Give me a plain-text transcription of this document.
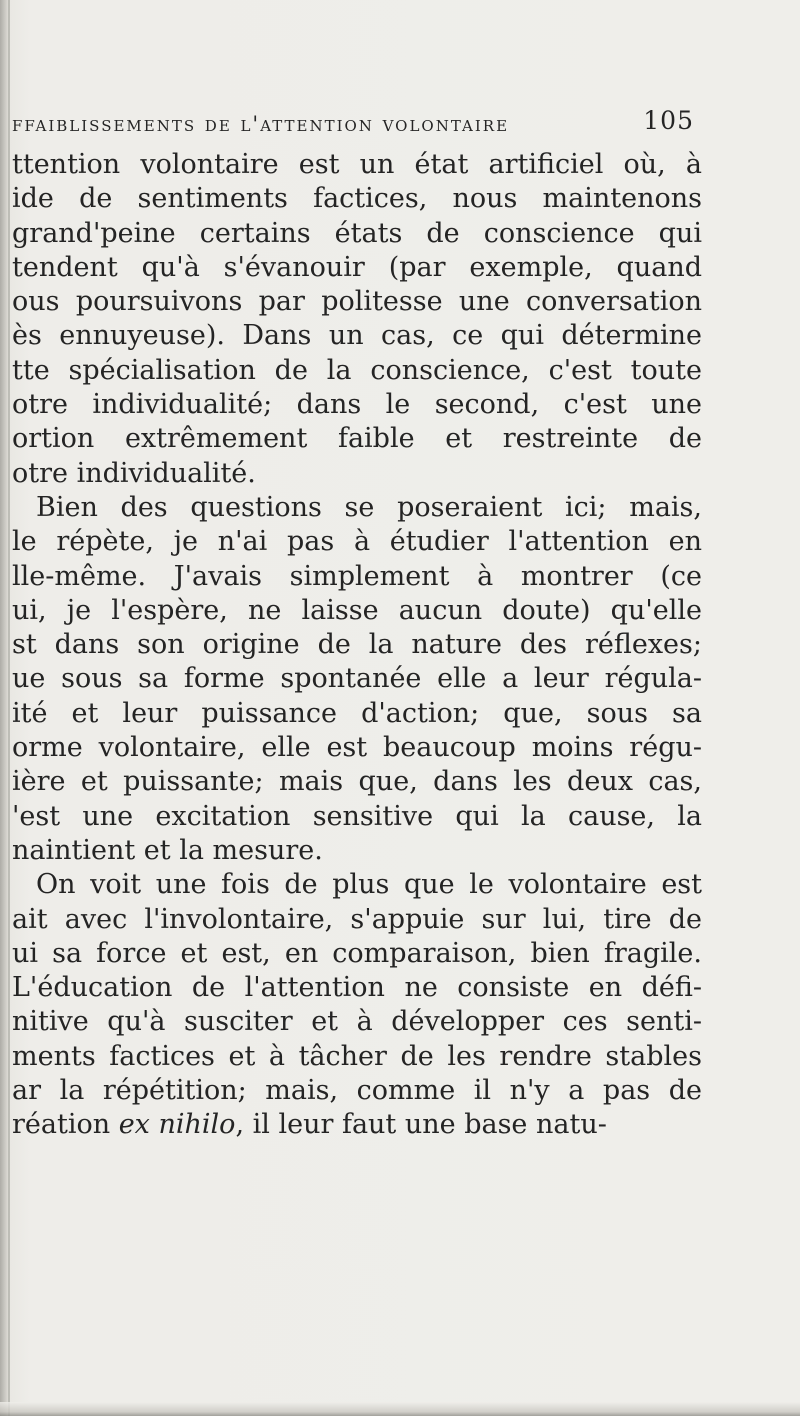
ffaiblissements de l'attention volontaire	105
ttention volontaire est un état artificiel où, à
ide de sentiments factices, nous maintenons
grand'peine certains états de conscience qui
tendent qu'à s'évanouir (par exemple, quand
ous poursuivons par politesse une conversation
ès ennuyeuse). Dans un cas, ce qui détermine
tte spécialisation de la conscience, c'est toute
otre individualité; dans le second, c'est une
ortion extrêmement faible et restreinte de
otre individualité.
Bien des questions se poseraient ici; mais,
le répète, je n'ai pas à étudier l'attention en
lle-même. J'avais simplement à montrer (ce
ui, je l'espère, ne laisse aucun doute) qu'elle
st dans son origine de la nature des réflexes;
ue sous sa forme spontanée elle a leur régula-
ité et leur puissance d'action; que, sous sa
orme volontaire, elle est beaucoup moins régu-
ière et puissante; mais que, dans les deux cas,
'est une excitation sensitive qui la cause, la
naintient et la mesure.
On voit une fois de plus que le volontaire est
ait avec l'involontaire, s'appuie sur lui, tire de
ui sa force et est, en comparaison, bien fragile.
L'éducation de l'attention ne consiste en défi-
nitive qu'à susciter et à développer ces senti-
ments factices et à tâcher de les rendre stables
ar la répétition; mais, comme il n'y a pas de
réation ex nihilo, il leur faut une base natu-
